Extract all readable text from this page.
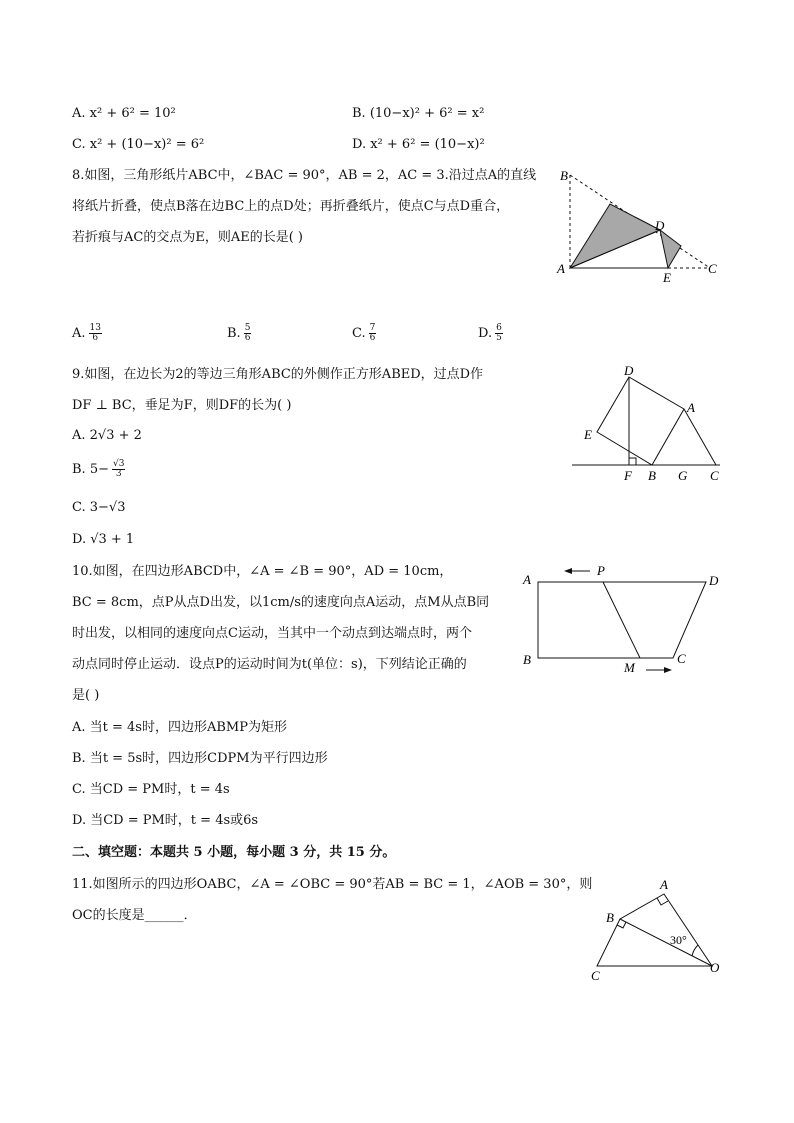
A. x² + 6² = 10²	B. (10−x)² + 6² = x²
C. x² + (10−x)² = 6²	D. x² + 6² = (10−x)²
8.如图，三角形纸片ABC中，∠BAC = 90°，AB = 2，AC = 3.沿过点A的直线
将纸片折叠，使点B落在边BC上的点D处；再折叠纸片，使点C与点D重合，
若折痕与AC的交点为E，则AE的长是( )
B
D
A
E
C
A. $\frac{13}{6}$	B. $\frac{5}{6}$	C. $\frac{7}{6}$	D. $\frac{6}{5}$
9.如图，在边长为2的等边三角形ABC的外侧作正方形ABED，过点D作
DF ⊥ BC，垂足为F，则DF的长为( )
A. 2√3 + 2
B. $5- \frac{√3}{3}$
C. 3−√3
D. √3 + 1
D
A
E
F B G C
10.如图，在四边形ABCD中，∠A = ∠B = 90°，AD = 10cm，
BC = 8cm，点P从点D出发，以1cm/s的速度向点A运动，点M从点B同
时出发，以相同的速度向点C运动，当其中一个动点到达端点时，两个
动点同时停止运动．设点P的运动时间为t(单位：s)，下列结论正确的
是( )
A. 当t = 4s时，四边形ABMP为矩形
B. 当t = 5s时，四边形CDPM为平行四边形
C. 当CD = PM时，t = 4s
D. 当CD = PM时，t = 4s或6s
A
P
D
B
M
C
二、填空题：本题共 5 小题，每小题 3 分，共 15 分。
11.如图所示的四边形OABC，∠A = ∠OBC = 90°若AB = BC = 1，∠AOB = 30°，则
OC的长度是______．
A
B
C
O
30°
